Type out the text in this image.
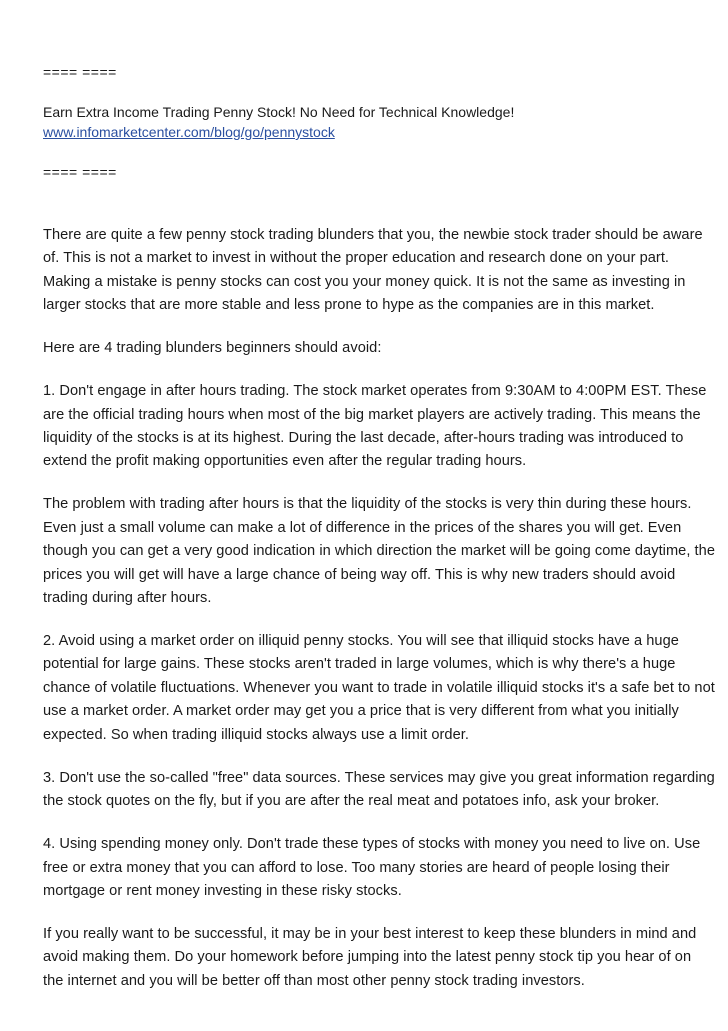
==== ====

Earn Extra Income Trading Penny Stock! No Need for Technical Knowledge!

www.infomarketcenter.com/blog/go/pennystock

==== ====

There are quite a few penny stock trading blunders that you, the newbie stock trader should be aware of. This is not a market to invest in without the proper education and research done on your part. Making a mistake is penny stocks can cost you your money quick. It is not the same as investing in larger stocks that are more stable and less prone to hype as the companies are in this market.

Here are 4 trading blunders beginners should avoid:

1. Don't engage in after hours trading. The stock market operates from 9:30AM to 4:00PM EST. These are the official trading hours when most of the big market players are actively trading. This means the liquidity of the stocks is at its highest. During the last decade, after-hours trading was introduced to extend the profit making opportunities even after the regular trading hours.

The problem with trading after hours is that the liquidity of the stocks is very thin during these hours. Even just a small volume can make a lot of difference in the prices of the shares you will get. Even though you can get a very good indication in which direction the market will be going come daytime, the prices you will get will have a large chance of being way off. This is why new traders should avoid trading during after hours.

2. Avoid using a market order on illiquid penny stocks. You will see that illiquid stocks have a huge potential for large gains. These stocks aren't traded in large volumes, which is why there's a huge chance of volatile fluctuations. Whenever you want to trade in volatile illiquid stocks it's a safe bet to not use a market order. A market order may get you a price that is very different from what you initially expected. So when trading illiquid stocks always use a limit order.

3. Don't use the so-called "free" data sources. These services may give you great information regarding the stock quotes on the fly, but if you are after the real meat and potatoes info, ask your broker.

4. Using spending money only. Don't trade these types of stocks with money you need to live on. Use free or extra money that you can afford to lose. Too many stories are heard of people losing their mortgage or rent money investing in these risky stocks.

If you really want to be successful, it may be in your best interest to keep these blunders in mind and avoid making them. Do your homework before jumping into the latest penny stock tip you hear of on the internet and you will be better off than most other penny stock trading investors.
